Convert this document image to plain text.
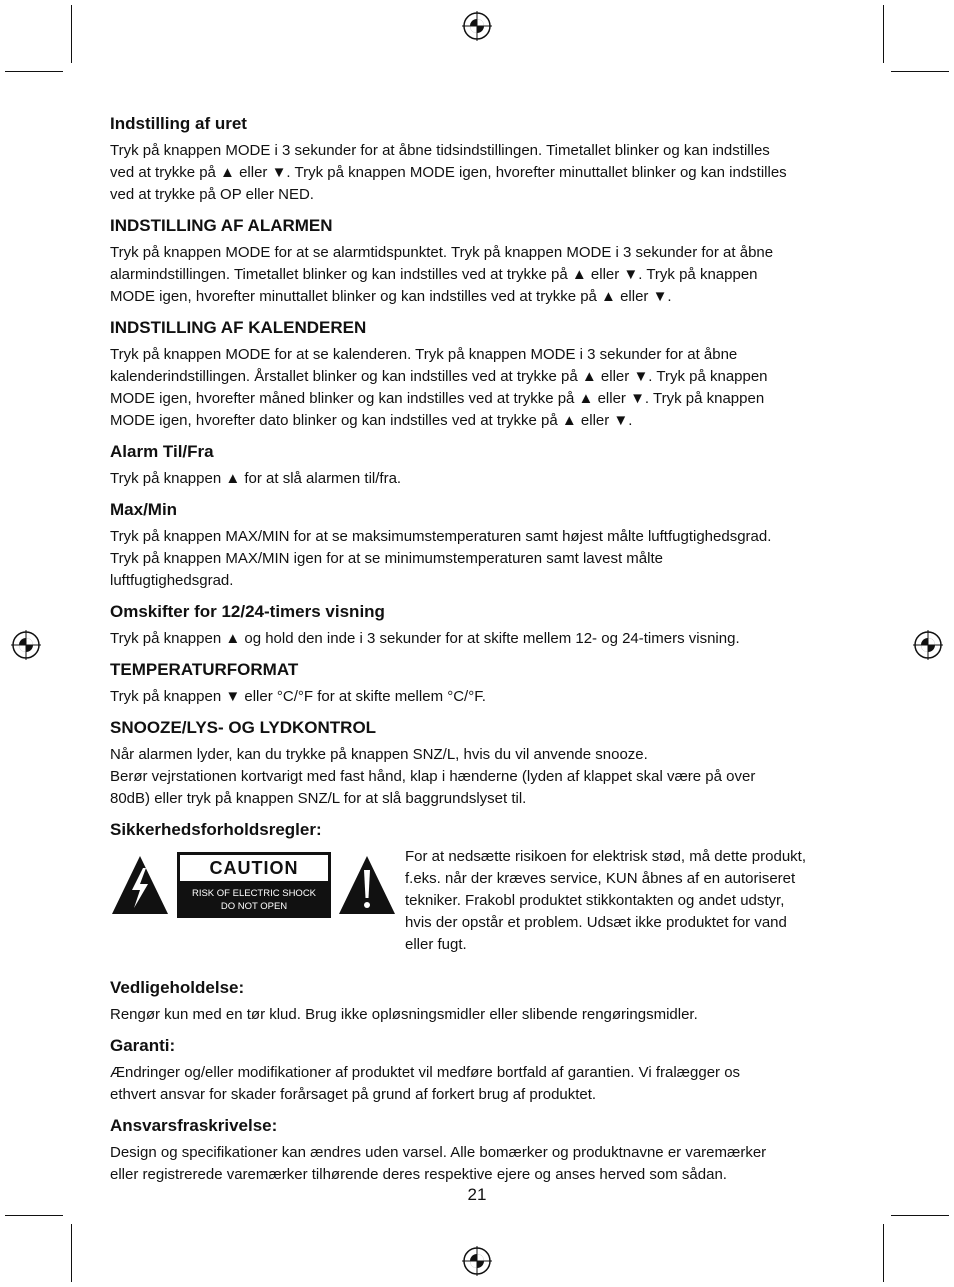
Indstilling af uret

Tryk på knappen MODE i 3 sekunder for at åbne tidsindstillingen. Timetallet blinker og kan indstilles

ved at trykke på ▲ eller ▼. Tryk på knappen MODE igen, hvorefter minuttallet blinker og kan indstilles

ved at trykke på OP eller NED.

INDSTILLING AF ALARMEN

Tryk på knappen MODE for at se alarmtidspunktet. Tryk på knappen MODE i 3 sekunder for at åbne

alarmindstillingen. Timetallet blinker og kan indstilles ved at trykke på ▲ eller ▼. Tryk på knappen

MODE igen, hvorefter minuttallet blinker og kan indstilles ved at trykke på ▲ eller ▼.

INDSTILLING AF KALENDEREN

Tryk på knappen MODE for at se kalenderen. Tryk på knappen MODE i 3 sekunder for at åbne

kalenderindstillingen. Årstallet blinker og kan indstilles ved at trykke på ▲ eller ▼. Tryk på knappen

MODE igen, hvorefter måned blinker og kan indstilles ved at trykke på ▲ eller ▼. Tryk på knappen

MODE igen, hvorefter dato blinker og kan indstilles ved at trykke på ▲ eller ▼.

Alarm Til/Fra

Tryk på knappen ▲ for at slå alarmen til/fra.

Max/Min

Tryk på knappen MAX/MIN for at se maksimumstemperaturen samt højest målte luftfugtighedsgrad.

Tryk på knappen MAX/MIN igen for at se minimumstemperaturen samt lavest målte

luftfugtighedsgrad.

Omskifter for 12/24-timers visning

Tryk på knappen ▲ og hold den inde i 3 sekunder for at skifte mellem 12- og 24-timers visning.

TEMPERATURFORMAT

Tryk på knappen ▼ eller °C/°F for at skifte mellem °C/°F.

SNOOZE/LYS- OG LYDKONTROL

Når alarmen lyder, kan du trykke på knappen SNZ/L, hvis du vil anvende snooze.

Berør vejrstationen kortvarigt med fast hånd, klap i hænderne (lyden af klappet skal være på over

80dB) eller tryk på knappen SNZ/L for at slå baggrundslyset til.

Sikkerhedsforholdsregler:
CAUTION
RISK OF ELECTRIC SHOCK
DO NOT OPEN

For at nedsætte risikoen for elektrisk stød, må dette produkt,

f.eks. når der kræves service, KUN åbnes af en autoriseret

tekniker. Frakobl produktet stikkontakten og andet udstyr,

hvis der opstår et problem. Udsæt ikke produktet for vand

eller fugt.

Vedligeholdelse:

Rengør kun med en tør klud. Brug ikke opløsningsmidler eller slibende rengøringsmidler.

Garanti:

Ændringer og/eller modifikationer af produktet vil medføre bortfald af garantien. Vi fralægger os

ethvert ansvar for skader forårsaget på grund af forkert brug af produktet.

Ansvarsfraskrivelse:

Design og specifikationer kan ændres uden varsel. Alle bomærker og produktnavne er varemærker

eller registrerede varemærker tilhørende deres respektive ejere og anses herved som sådan.

21
